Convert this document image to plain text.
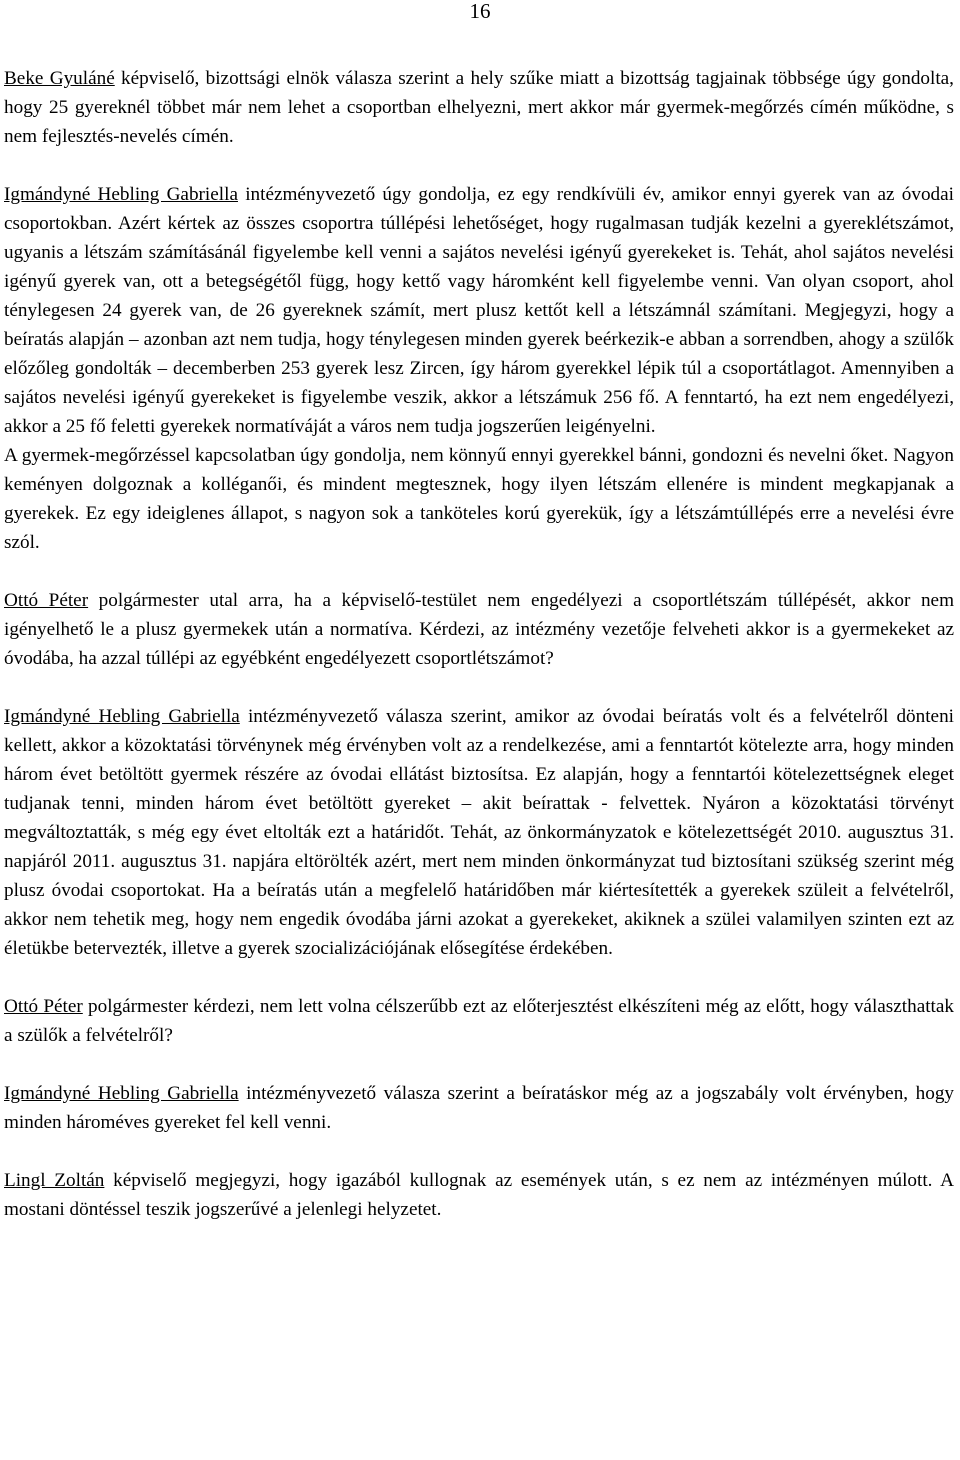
16

Beke Gyuláné képviselő, bizottsági elnök válasza szerint a hely szűke miatt a bizottság tagjainak többsége úgy gondolta, hogy 25 gyereknél többet már nem lehet a csoportban elhelyezni, mert akkor már gyermek-megőrzés címén működne, s nem fejlesztés-nevelés címén.

Igmándyné Hebling Gabriella intézményvezető úgy gondolja, ez egy rendkívüli év, amikor ennyi gyerek van az óvodai csoportokban. Azért kértek az összes csoportra túllépési lehetőséget, hogy rugalmasan tudják kezelni a gyereklétszámot, ugyanis a létszám számításánál figyelembe kell venni a sajátos nevelési igényű gyerekeket is. Tehát, ahol sajátos nevelési igényű gyerek van, ott a betegségétől függ, hogy kettő vagy háromként kell figyelembe venni. Van olyan csoport, ahol ténylegesen 24 gyerek van, de 26 gyereknek számít, mert plusz kettőt kell a létszámnál számítani. Megjegyzi, hogy a beíratás alapján – azonban azt nem tudja, hogy ténylegesen minden gyerek beérkezik-e abban a sorrendben, ahogy a szülők előzőleg gondolták – decemberben 253 gyerek lesz Zircen, így három gyerekkel lépik túl a csoportátlagot. Amennyiben a sajátos nevelési igényű gyerekeket is figyelembe veszik, akkor a létszámuk 256 fő. A fenntartó, ha ezt nem engedélyezi, akkor a 25 fő feletti gyerekek normatíváját a város nem tudja jogszerűen leigényelni.

A gyermek-megőrzéssel kapcsolatban úgy gondolja, nem könnyű ennyi gyerekkel bánni, gondozni és nevelni őket. Nagyon keményen dolgoznak a kolléganői, és mindent megtesznek, hogy ilyen létszám ellenére is mindent megkapjanak a gyerekek. Ez egy ideiglenes állapot, s nagyon sok a tanköteles korú gyerekük, így a létszámtúllépés erre a nevelési évre szól.

Ottó Péter polgármester utal arra, ha a képviselő-testület nem engedélyezi a csoportlétszám túllépését, akkor nem igényelhető le a plusz gyermekek után a normatíva. Kérdezi, az intézmény vezetője felveheti akkor is a gyermekeket az óvodába, ha azzal túllépi az egyébként engedélyezett csoportlétszámot?

Igmándyné Hebling Gabriella intézményvezető válasza szerint, amikor az óvodai beíratás volt és a felvételről dönteni kellett, akkor a közoktatási törvénynek még érvényben volt az a rendelkezése, ami a fenntartót kötelezte arra, hogy minden három évet betöltött gyermek részére az óvodai ellátást biztosítsa. Ez alapján, hogy a fenntartói kötelezettségnek eleget tudjanak tenni, minden három évet betöltött gyereket – akit beírattak - felvettek. Nyáron a közoktatási törvényt megváltoztatták, s még egy évet eltolták ezt a határidőt. Tehát, az önkormányzatok e kötelezettségét 2010. augusztus 31. napjáról 2011. augusztus 31. napjára eltörölték azért, mert nem minden önkormányzat tud biztosítani szükség szerint még plusz óvodai csoportokat. Ha a beíratás után a megfelelő határidőben már kiértesítették a gyerekek szüleit a felvételről, akkor nem tehetik meg, hogy nem engedik óvodába járni azokat a gyerekeket, akiknek a szülei valamilyen szinten ezt az életükbe betervezték, illetve a gyerek szocializációjának elősegítése érdekében.

Ottó Péter polgármester kérdezi, nem lett volna célszerűbb ezt az előterjesztést elkészíteni még az előtt, hogy választhattak a szülők a felvételről?

Igmándyné Hebling Gabriella intézményvezető válasza szerint a beíratáskor még az a jogszabály volt érvényben, hogy minden hároméves gyereket fel kell venni.

Lingl Zoltán képviselő megjegyzi, hogy igazából kullognak az események után, s ez nem az intézményen múlott. A mostani döntéssel teszik jogszerűvé a jelenlegi helyzetet.
